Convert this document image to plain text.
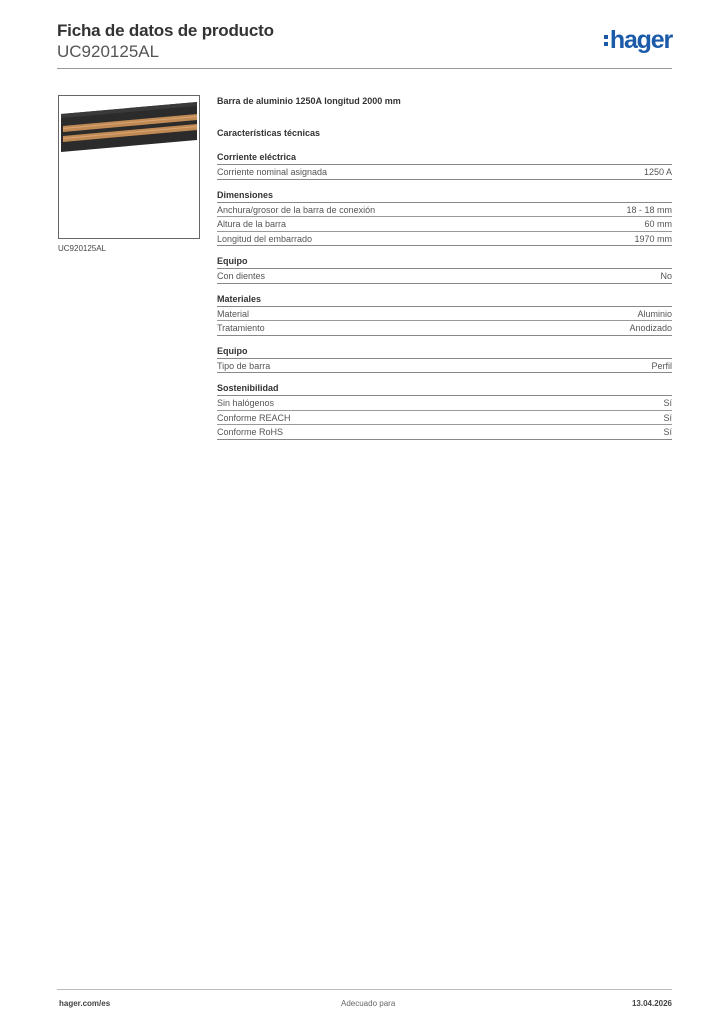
Ficha de datos de producto
UC920125AL	hager
UC920125AL
Barra de aluminio 1250A longitud 2000 mm
Características técnicas
Corriente eléctrica
Corriente nominal asignada	1250 A
Dimensiones
Anchura/grosor de la barra de conexión	18 - 18 mm
Altura de la barra	60 mm
Longitud del embarrado	1970 mm
Equipo
Con dientes	No
Materiales
Material	Aluminio
Tratamiento	Anodizado
Equipo
Tipo de barra	Perfil
Sostenibilidad
Sin halógenos	Sí
Conforme REACH	Sí
Conforme RoHS	Sí
hager.com/es	Adecuado para	13.04.2026
